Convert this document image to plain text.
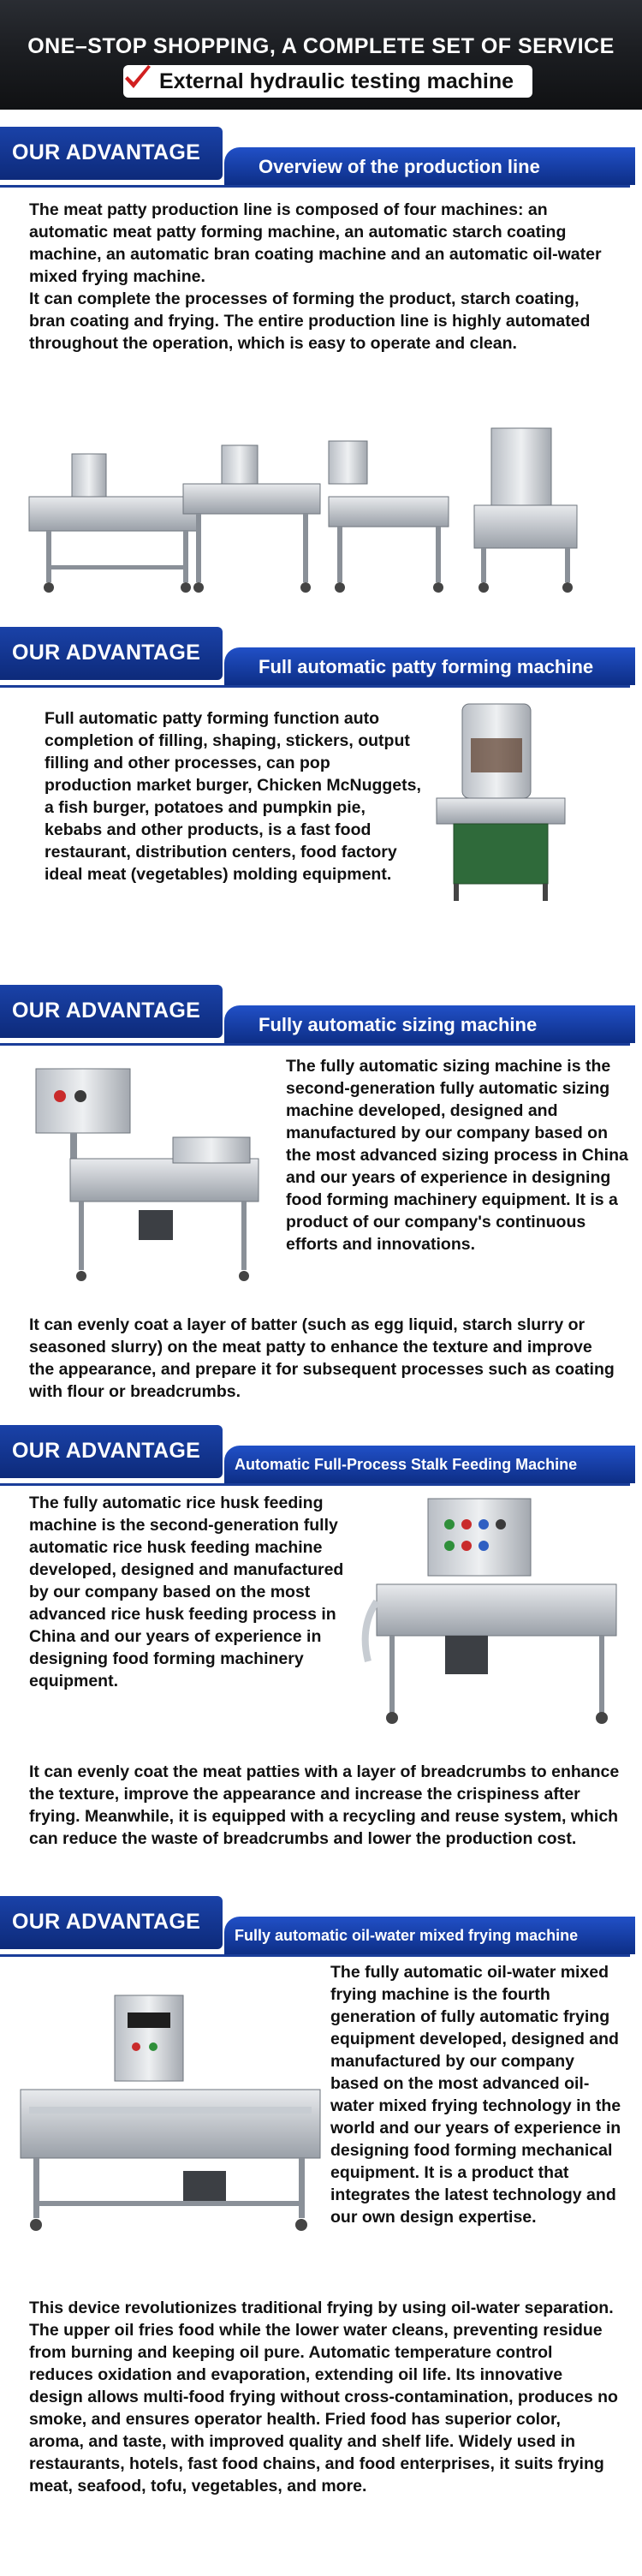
ONE–STOP SHOPPING, A COMPLETE SET OF SERVICE
External hydraulic testing machine
OUR ADVANTAGE
Overview of the production line

The meat patty production line is composed of four machines: an automatic meat patty forming machine, an automatic starch coating machine, an automatic bran coating machine and an automatic oil-water mixed frying machine.

It can complete the processes of forming the product, starch coating, bran coating and frying. The entire production line is highly automated throughout the operation, which is easy to operate and clean.

OUR ADVANTAGE
Full automatic patty forming machine

Full automatic patty forming function auto completion of filling, shaping, stickers, output filling and other processes, can pop production market burger, Chicken McNuggets, a fish burger, potatoes and pumpkin pie, kebabs and other products, is a fast food restaurant, distribution centers, food factory ideal meat (vegetables) molding equipment.

OUR ADVANTAGE
Fully automatic sizing machine

The fully automatic sizing machine is the second-generation fully automatic sizing machine developed, designed and manufactured by our company based on the most advanced sizing process in China and our years of experience in designing food forming machinery equipment. It is a product of our company's continuous efforts and innovations.

It can evenly coat a layer of batter (such as egg liquid, starch slurry or seasoned slurry) on the meat patty to enhance the texture and improve the appearance, and prepare it for subsequent processes such as coating with flour or breadcrumbs.

OUR ADVANTAGE
Automatic Full-Process Stalk Feeding Machine

The fully automatic rice husk feeding machine is the second-generation fully automatic rice husk feeding machine developed, designed and manufactured by our company based on the most advanced rice husk feeding process in China and our years of experience in designing food forming machinery equipment.

It can evenly coat the meat patties with a layer of breadcrumbs to enhance the texture, improve the appearance and increase the crispiness after frying. Meanwhile, it is equipped with a recycling and reuse system, which can reduce the waste of breadcrumbs and lower the production cost.

OUR ADVANTAGE
Fully automatic oil-water mixed frying machine

The fully automatic oil-water mixed frying machine is the fourth generation of fully automatic frying equipment developed, designed and manufactured by our company based on the most advanced oil-water mixed frying technology in the world and our years of experience in designing food forming mechanical equipment. It is a product that integrates the latest technology and our own design expertise.

This device revolutionizes traditional frying by using oil-water separation. The upper oil fries food while the lower water cleans, preventing residue from burning and keeping oil pure. Automatic temperature control reduces oxidation and evaporation, extending oil life. Its innovative design allows multi-food frying without cross-contamination, produces no smoke, and ensures operator health. Fried food has superior color, aroma, and taste, with improved quality and shelf life. Widely used in restaurants, hotels, fast food chains, and food enterprises, it suits frying meat, seafood, tofu, vegetables, and more.
